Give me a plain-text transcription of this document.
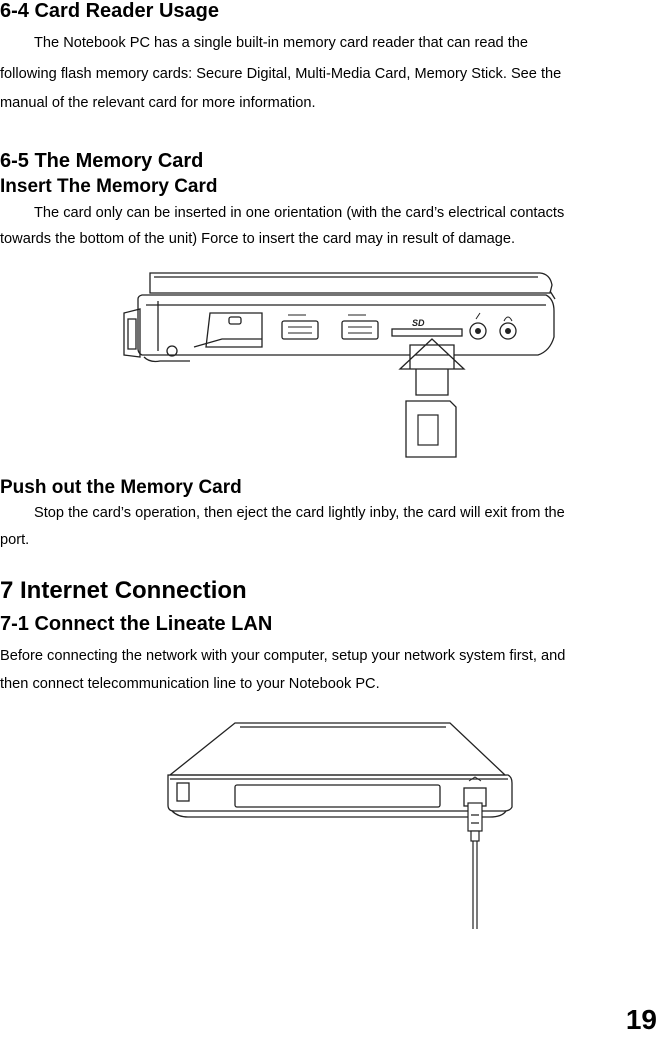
6-4 Card Reader Usage
The Notebook PC has a single built-in memory card reader that can read the
following flash memory cards: Secure Digital, Multi-Media Card, Memory Stick. See the
manual of the relevant card for more information.
6-5 The Memory Card
Insert The Memory Card
The card only can be inserted in one orientation (with the card’s electrical contacts
towards the bottom of the unit) Force to insert the card may in result of damage.
SD
Push out the Memory Card
Stop the card’s operation, then eject the card lightly inby, the card will exit from the
port.
7 Internet Connection
7-1 Connect the Lineate LAN
Before connecting the network with your computer, setup your network system first, and
then connect telecommunication line to your Notebook PC.
19
